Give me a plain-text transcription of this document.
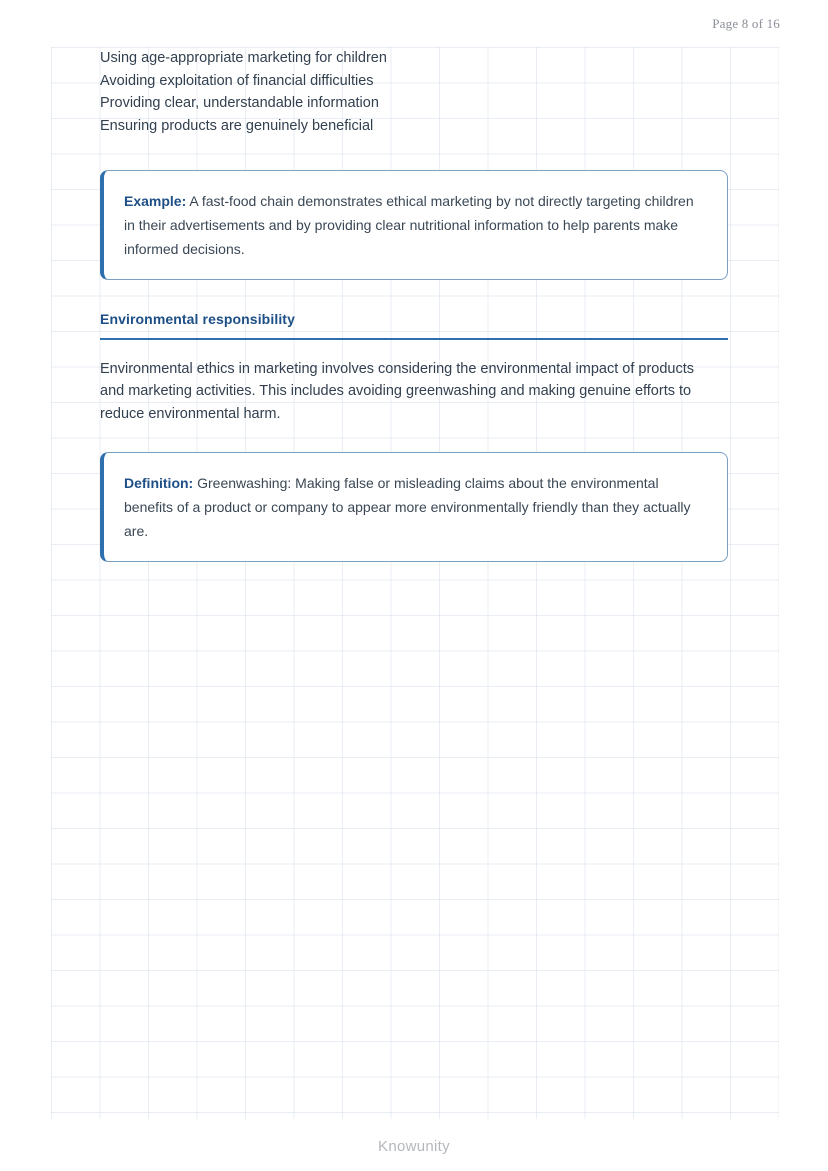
Page 8 of 16
Using age-appropriate marketing for children
Avoiding exploitation of financial difficulties
Providing clear, understandable information
Ensuring products are genuinely beneficial

Example: A fast-food chain demonstrates ethical marketing by not directly targeting children in their advertisements and by providing clear nutritional information to help parents make informed decisions.

Environmental responsibility

Environmental ethics in marketing involves considering the environmental impact of products and marketing activities. This includes avoiding greenwashing and making genuine efforts to reduce environmental harm.

Definition: Greenwashing: Making false or misleading claims about the environmental benefits of a product or company to appear more environmentally friendly than they actually are.

Knowunity
